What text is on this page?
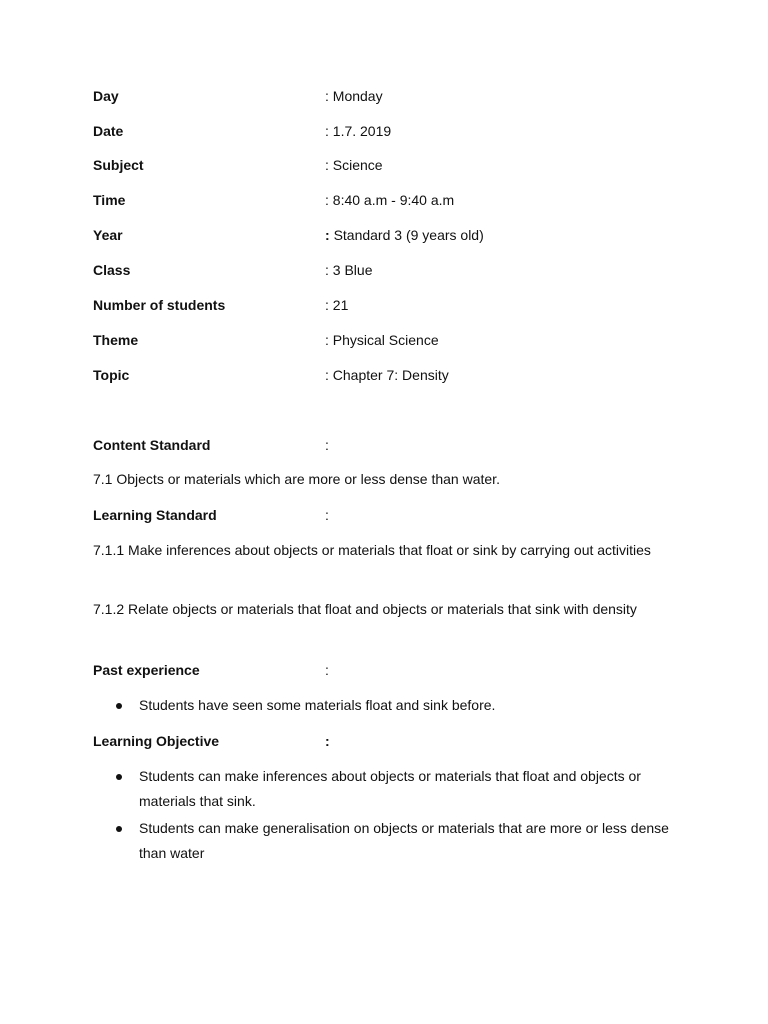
Day	: Monday
Date	: 1.7. 2019
Subject	: Science
Time	: 8:40 a.m - 9:40 a.m
Year	: Standard 3 (9 years old)
Class	: 3 Blue
Number of students	: 21
Theme	: Physical Science
Topic	: Chapter 7: Density
Content Standard	:
7.1 Objects or materials which are more or less dense than water.
Learning Standard	:
7.1.1 Make inferences about objects or materials that float or sink by carrying out activities
7.1.2 Relate objects or materials that float and objects or materials that sink with density
Past experience	:
Students have seen some materials float and sink before.
Learning Objective	:
Students can make inferences about objects or materials that float and objects or materials that sink.
Students can make generalisation on objects or materials that are more or less dense than water
